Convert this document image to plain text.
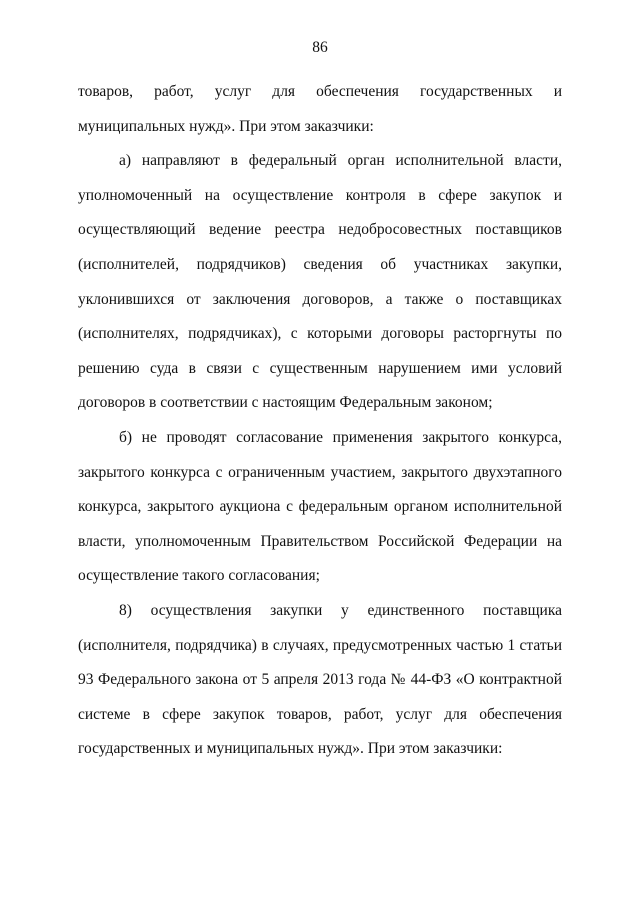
86

товаров, работ, услуг для обеспечения государственных и муниципальных нужд». При этом заказчики:

а) направляют в федеральный орган исполнительной власти, уполномоченный на осуществление контроля в сфере закупок и осуществляющий ведение реестра недобросовестных поставщиков (исполнителей, подрядчиков) сведения об участниках закупки, уклонившихся от заключения договоров, а также о поставщиках (исполнителях, подрядчиках), с которыми договоры расторгнуты по решению суда в связи с существенным нарушением ими условий договоров в соответствии с настоящим Федеральным законом;

б) не проводят согласование применения закрытого конкурса, закрытого конкурса с ограниченным участием, закрытого двухэтапного конкурса, закрытого аукциона с федеральным органом исполнительной власти, уполномоченным Правительством Российской Федерации на осуществление такого согласования;

8) осуществления закупки у единственного поставщика (исполнителя, подрядчика) в случаях, предусмотренных частью 1 статьи 93 Федерального закона от 5 апреля 2013 года № 44-ФЗ «О контрактной системе в сфере закупок товаров, работ, услуг для обеспечения государственных и муниципальных нужд». При этом заказчики:
